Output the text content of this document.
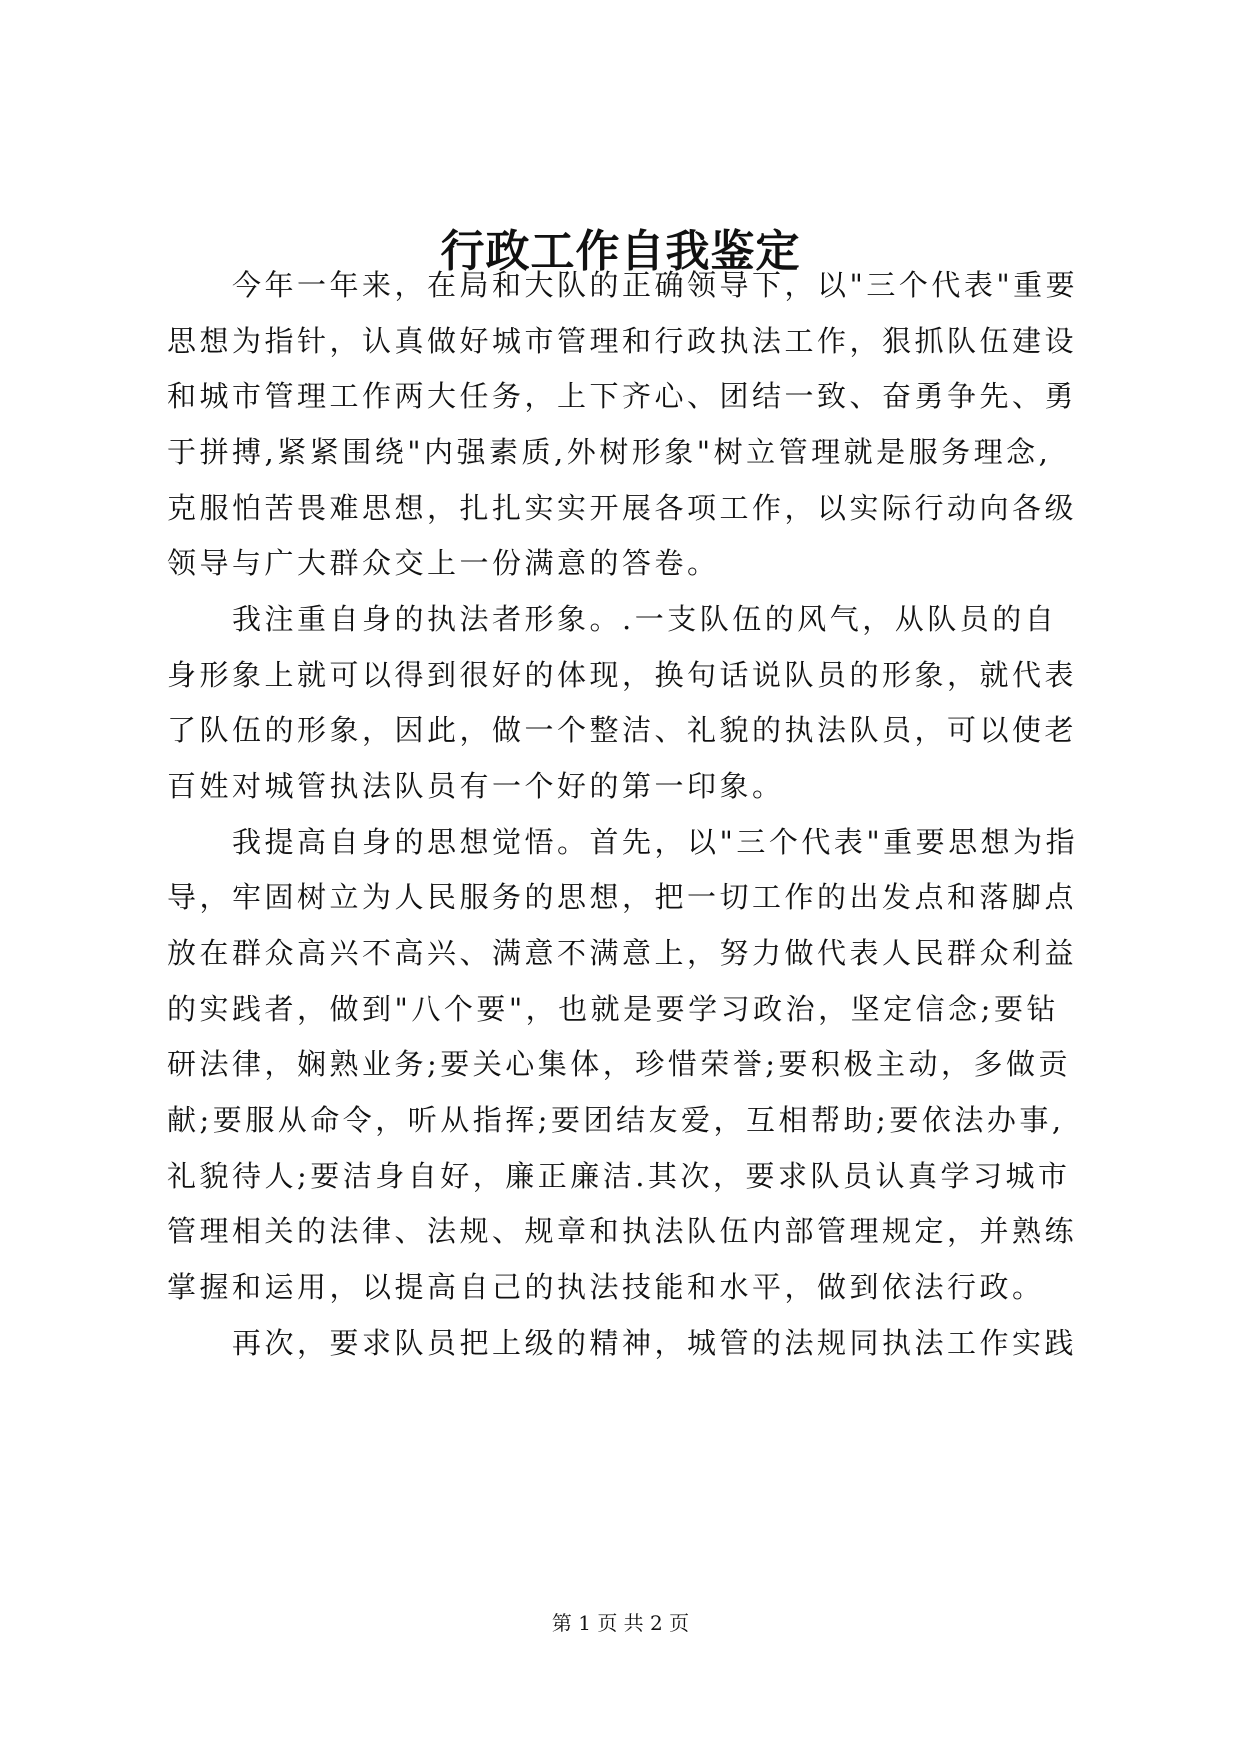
行政工作自我鉴定
　　今年一年来，在局和大队的正确领导下，以"三个代表"重要
思想为指针，认真做好城市管理和行政执法工作，狠抓队伍建设
和城市管理工作两大任务，上下齐心、团结一致、奋勇争先、勇
于拼搏,紧紧围绕"内强素质,外树形象"树立管理就是服务理念,
克服怕苦畏难思想，扎扎实实开展各项工作，以实际行动向各级
领导与广大群众交上一份满意的答卷。
　　我注重自身的执法者形象。.一支队伍的风气，从队员的自
身形象上就可以得到很好的体现，换句话说队员的形象，就代表
了队伍的形象，因此，做一个整洁、礼貌的执法队员，可以使老
百姓对城管执法队员有一个好的第一印象。
　　我提高自身的思想觉悟。首先，以"三个代表"重要思想为指
导，牢固树立为人民服务的思想，把一切工作的出发点和落脚点
放在群众高兴不高兴、满意不满意上，努力做代表人民群众利益
的实践者，做到"八个要"，也就是要学习政治，坚定信念;要钻
研法律，娴熟业务;要关心集体，珍惜荣誉;要积极主动，多做贡
献;要服从命令，听从指挥;要团结友爱，互相帮助;要依法办事,
礼貌待人;要洁身自好，廉正廉洁.其次，要求队员认真学习城市
管理相关的法律、法规、规章和执法队伍内部管理规定，并熟练
掌握和运用，以提高自己的执法技能和水平，做到依法行政。
　　再次，要求队员把上级的精神，城管的法规同执法工作实践
第 1 页 共 2 页
